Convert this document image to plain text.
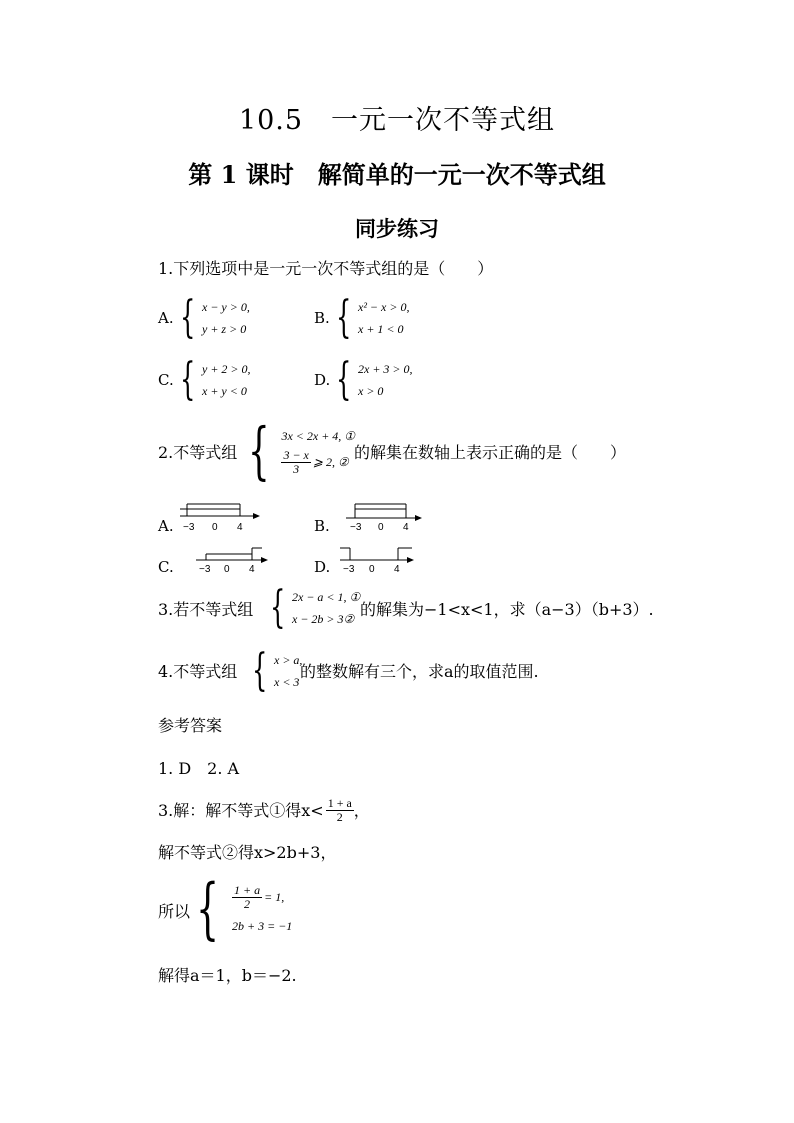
10.5　一元一次不等式组
第 1 课时　解简单的一元一次不等式组
同步练习
1.下列选项中是一元一次不等式组的是（　　）
A. { x − y > 0,
y + z > 0
B. { x² − x > 0,
x + 1 < 0
C. { y + 2 > 0,
x + y < 0
D. { 2x + 3 > 0,
x > 0
2.不等式组 { 3x < 2x + 4, ①
$\frac{3 - x}{3}$ ⩾ 2, ② 的解集在数轴上表示正确的是（　　）
A. −3 0 4	B. −3 0 4
C.	−3 0 4	D. −3 0 4
3.若不等式组 { 2x − a < 1, ①
x − 2b > 3② 的解集为−1<x<1，求（a−3）（b+3）.
4.不等式组 { x > a,
x < 3
的整数解有三个，求a的取值范围.
参考答案
1. D　2. A
3.解：解不等式①得$x< \frac{1 + a}{2}$ ，
解不等式②得x>2b+3，
所以 { $\frac{1 + a}{2} = 1$,
2b + 3 = −1
解得a＝1，b＝−2.
